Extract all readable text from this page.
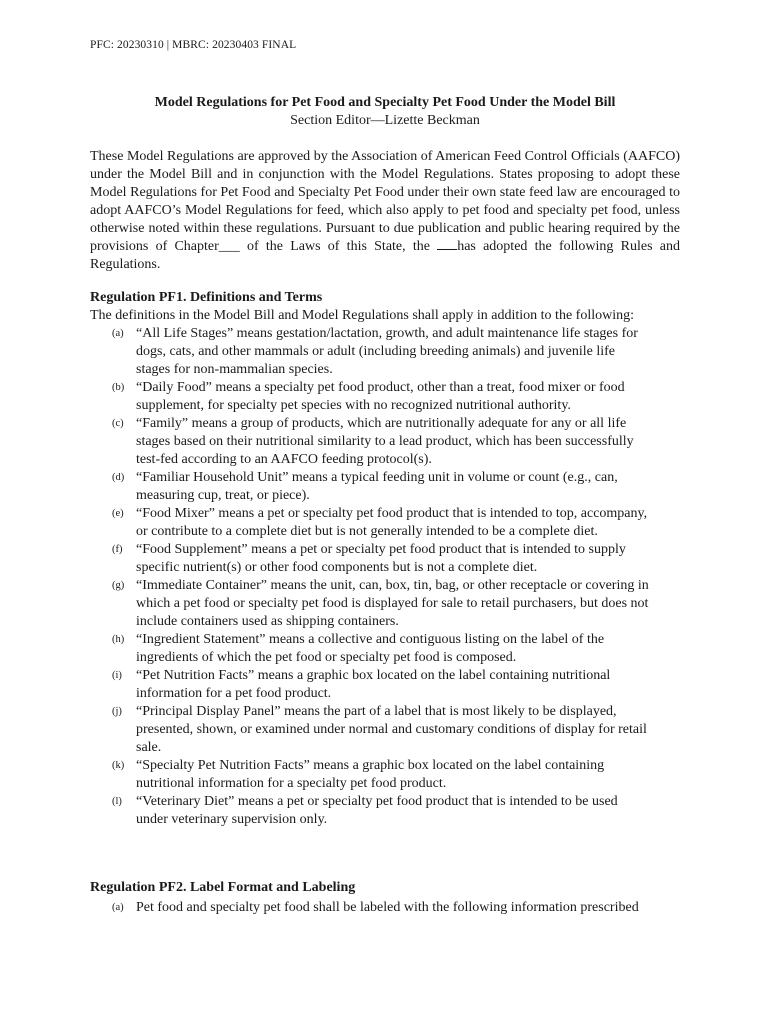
PFC: 20230310 | MBRC: 20230403 FINAL
Model Regulations for Pet Food and Specialty Pet Food Under the Model Bill
Section Editor—Lizette Beckman

These Model Regulations are approved by the Association of American Feed Control Officials (AAFCO) under the Model Bill and in conjunction with the Model Regulations. States proposing to adopt these Model Regulations for Pet Food and Specialty Pet Food under their own state feed law are encouraged to adopt AAFCO’s Model Regulations for feed, which also apply to pet food and specialty pet food, unless otherwise noted within these regulations. Pursuant to due publication and public hearing required by the provisions of Chapter___ of the Laws of this State, the has adopted the following Rules and Regulations.

Regulation PF1. Definitions and Terms
The definitions in the Model Bill and Model Regulations shall apply in addition to the following:
(a) “All Life Stages” means gestation/lactation, growth, and adult maintenance life stages for dogs, cats, and other mammals or adult (including breeding animals) and juvenile life stages for non-mammalian species.
(b) “Daily Food” means a specialty pet food product, other than a treat, food mixer or food supplement, for specialty pet species with no recognized nutritional authority.
(c) “Family” means a group of products, which are nutritionally adequate for any or all life stages based on their nutritional similarity to a lead product, which has been successfully test-fed according to an AAFCO feeding protocol(s).
(d) “Familiar Household Unit” means a typical feeding unit in volume or count (e.g., can, measuring cup, treat, or piece).
(e) “Food Mixer” means a pet or specialty pet food product that is intended to top, accompany, or contribute to a complete diet but is not generally intended to be a complete diet.
(f) “Food Supplement” means a pet or specialty pet food product that is intended to supply specific nutrient(s) or other food components but is not a complete diet.
(g) “Immediate Container” means the unit, can, box, tin, bag, or other receptacle or covering in which a pet food or specialty pet food is displayed for sale to retail purchasers, but does not include containers used as shipping containers.
(h) “Ingredient Statement” means a collective and contiguous listing on the label of the ingredients of which the pet food or specialty pet food is composed.
(i)	“Pet Nutrition Facts” means a graphic box located on the label containing nutritional information for a pet food product.
(j)	“Principal Display Panel” means the part of a label that is most likely to be displayed, presented, shown, or examined under normal and customary conditions of display for retail sale.
(k) “Specialty Pet Nutrition Facts” means a graphic box located on the label containing nutritional information for a specialty pet food product.
(l)	“Veterinary Diet” means a pet or specialty pet food product that is intended to be used under veterinary supervision only.
Regulation PF2. Label Format and Labeling
(a) Pet food and specialty pet food shall be labeled with the following information prescribed
